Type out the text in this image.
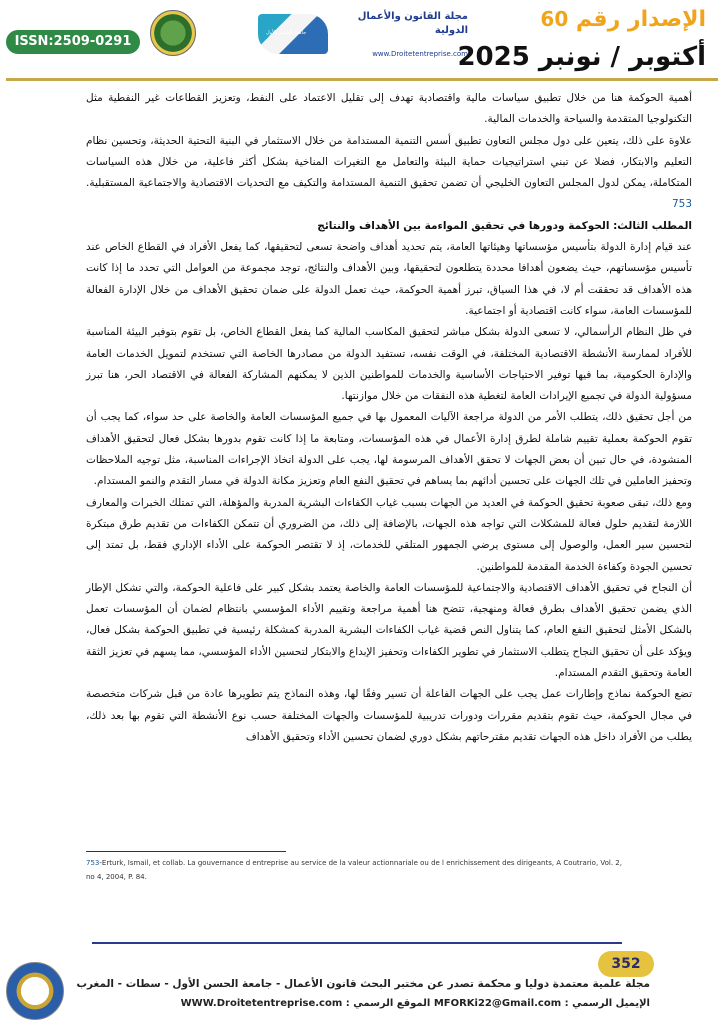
الإصدار رقم 60
أكتوبر / نونبر 2025
جامعة الحسن الأول
مجلة القانون والأعمال الدولية
www.Droitetentreprise.com
ISSN:2509-0291

أهمية الحوكمة هنا من خلال تطبيق سياسات مالية واقتصادية تهدف إلى تقليل الاعتماد على النفط، وتعزيز القطاعات غير النفطية مثل التكنولوجيا المتقدمة والسياحة والخدمات المالية.

علاوة على ذلك، يتعين على دول مجلس التعاون تطبيق أسس التنمية المستدامة من خلال الاستثمار في البنية التحتية الحديثة، وتحسين نظام التعليم والابتكار، فضلا عن تبني استراتيجيات حماية البيئة والتعامل مع التغيرات المناخية بشكل أكثر فاعلية، من خلال هذه السياسات المتكاملة، يمكن لدول المجلس التعاون الخليجي أن تضمن تحقيق التنمية المستدامة والتكيف مع التحديات الاقتصادية والاجتماعية المستقبلية. 753

المطلب الثالث: الحوكمة ودورها في تحقيق المواءمة بين الأهداف والنتائج

عند قيام إدارة الدولة بتأسيس مؤسساتها وهيئاتها العامة، يتم تحديد أهداف واضحة تسعى لتحقيقها، كما يفعل الأفراد في القطاع الخاص عند تأسيس مؤسساتهم، حيث يضعون أهدافا محددة يتطلعون لتحقيقها، وبين الأهداف والنتائج، توجد مجموعة من العوامل التي تحدد ما إذا كانت هذه الأهداف قد تحققت أم لا، في هذا السياق، تبرز أهمية الحوكمة، حيث تعمل الدولة على ضمان تحقيق الأهداف من خلال الإدارة الفعالة للمؤسسات العامة، سواء كانت اقتصادية أو اجتماعية.

في ظل النظام الرأسمالي، لا تسعى الدولة بشكل مباشر لتحقيق المكاسب المالية كما يفعل القطاع الخاص، بل تقوم بتوفير البيئة المناسبة للأفراد لممارسة الأنشطة الاقتصادية المختلفة، في الوقت نفسه، تستفيد الدولة من مصادرها الخاصة التي تستخدم لتمويل الخدمات العامة والإدارة الحكومية، بما فيها توفير الاحتياجات الأساسية والخدمات للمواطنين الذين لا يمكنهم المشاركة الفعالة في الاقتصاد الحر، هنا تبرز مسؤولية الدولة في تجميع الإيرادات العامة لتغطية هذه النفقات من خلال موازنتها.

من أجل تحقيق ذلك، يتطلب الأمر من الدولة مراجعة الآليات المعمول بها في جميع المؤسسات العامة والخاصة على حد سواء، كما يجب أن تقوم الحوكمة بعملية تقييم شاملة لطرق إدارة الأعمال في هذه المؤسسات، ومتابعة ما إذا كانت تقوم بدورها بشكل فعال لتحقيق الأهداف المنشودة، في حال تبين أن بعض الجهات لا تحقق الأهداف المرسومة لها، يجب على الدولة اتخاذ الإجراءات المناسبة، مثل توجيه الملاحظات وتحفيز العاملين في تلك الجهات على تحسين أدائهم بما يساهم في تحقيق النفع العام وتعزيز مكانة الدولة في مسار التقدم والنمو المستدام.

ومع ذلك، تبقى صعوبة تحقيق الحوكمة في العديد من الجهات بسبب غياب الكفاءات البشرية المدربة والمؤهلة، التي تمتلك الخبرات والمعارف اللازمة لتقديم حلول فعالة للمشكلات التي تواجه هذه الجهات، بالإضافة إلى ذلك، من الضروري أن تتمكن الكفاءات من تقديم طرق مبتكرة لتحسين سير العمل، والوصول إلى مستوى يرضي الجمهور المتلقي للخدمات، إذ لا تقتصر الحوكمة على الأداء الإداري فقط، بل تمتد إلى تحسين الجودة وكفاءة الخدمة المقدمة للمواطنين.

أن النجاح في تحقيق الأهداف الاقتصادية والاجتماعية للمؤسسات العامة والخاصة يعتمد بشكل كبير على فاعلية الحوكمة، والتي تشكل الإطار الذي يضمن تحقيق الأهداف بطرق فعالة ومنهجية، تتضح هنا أهمية مراجعة وتقييم الأداء المؤسسي بانتظام لضمان أن المؤسسات تعمل بالشكل الأمثل لتحقيق النفع العام، كما يتناول النص قضية غياب الكفاءات البشرية المدربة كمشكلة رئيسية في تطبيق الحوكمة بشكل فعال، ويؤكد على أن تحقيق النجاح يتطلب الاستثمار في تطوير الكفاءات وتحفيز الإبداع والابتكار لتحسين الأداء المؤسسي، مما يسهم في تعزيز الثقة العامة وتحقيق التقدم المستدام.

تضع الحوكمة نماذج وإطارات عمل يجب على الجهات الفاعلة أن تسير وفقًا لها، وهذه النماذج يتم تطويرها عادة من قبل شركات متخصصة في مجال الحوكمة، حيث تقوم بتقديم مقررات ودورات تدريبية للمؤسسات والجهات المختلفة حسب نوع الأنشطة التي تقوم بها بعد ذلك، يطلب من الأفراد داخل هذه الجهات تقديم مقترحاتهم بشكل دوري لضمان تحسين الأداء وتحقيق الأهداف

753-Erturk, Ismail, et collab. La gouvernance d entreprise au service de la valeur actionnariale ou de l enrichissement des dirigeants, A Coutrario, Vol. 2, no 4, 2004, P. 84.
352
مجلة علمية معتمدة دوليا و محكمة تصدر عن مختبر البحث قانون الأعمال - جامعة الحسن الأول - سطات - المغرب
الإيميل الرسمي : MFORKi22@Gmail.com الموقع الرسمي : WWW.Droitetentreprise.com
